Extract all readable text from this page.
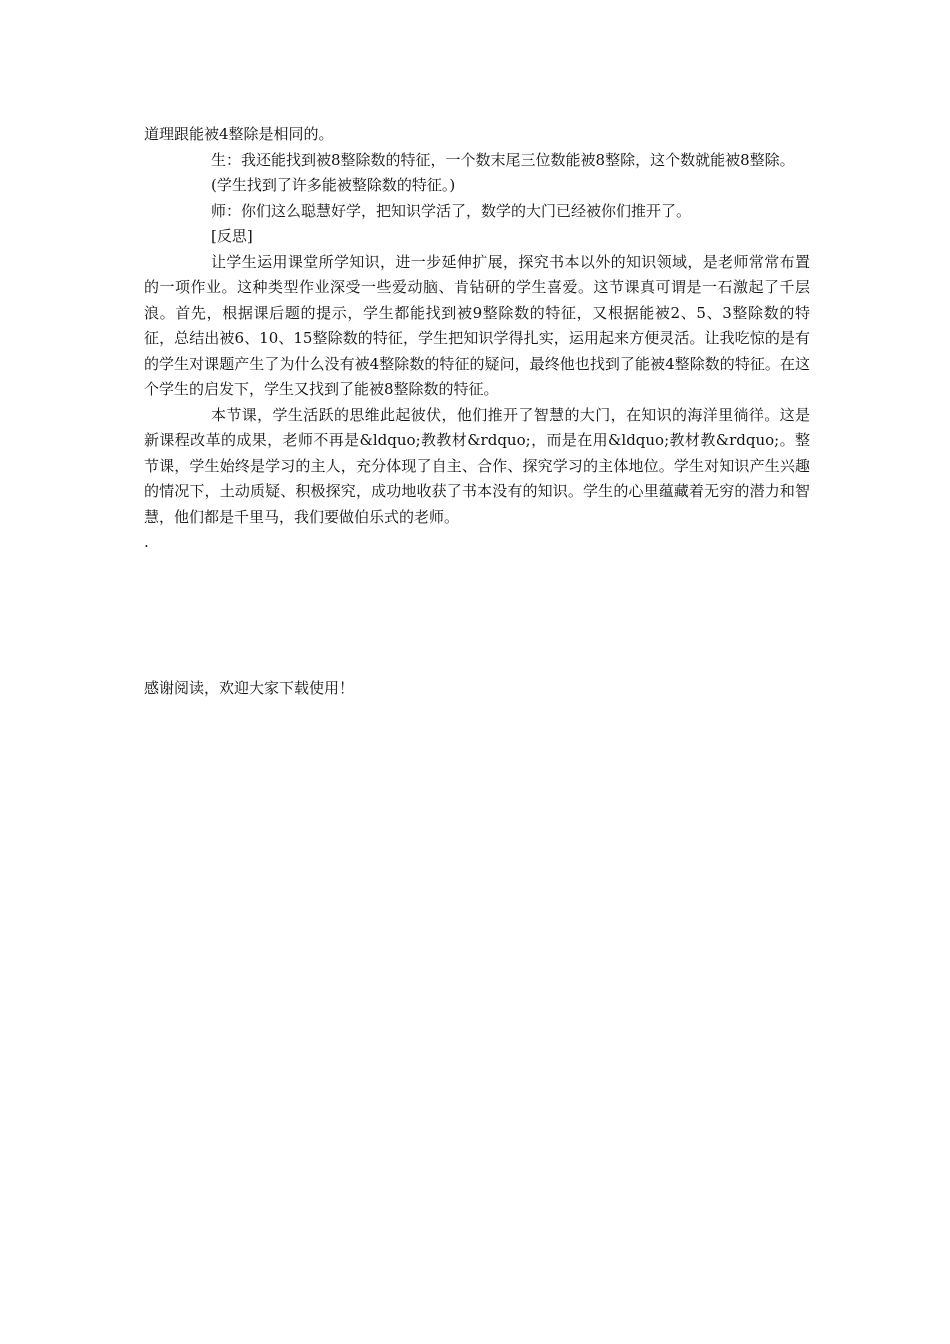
道理跟能被4整除是相同的。

生：我还能找到被8整除数的特征，一个数末尾三位数能被8整除，这个数就能被8整除。

(学生找到了许多能被整除数的特征。)

师：你们这么聪慧好学，把知识学活了，数学的大门已经被你们推开了。

[反思]

让学生运用课堂所学知识，进一步延伸扩展，探究书本以外的知识领域，是老师常常布置的一项作业。这种类型作业深受一些爱动脑、肯钻研的学生喜爱。这节课真可谓是一石激起了千层浪。首先，根据课后题的提示，学生都能找到被9整除数的特征，又根据能被2、5、3整除数的特征，总结出被6、10、15整除数的特征，学生把知识学得扎实，运用起来方便灵活。让我吃惊的是有的学生对课题产生了为什么没有被4整除数的特征的疑问，最终他也找到了能被4整除数的特征。在这个学生的启发下，学生又找到了能被8整除数的特征。

本节课，学生活跃的思维此起彼伏，他们推开了智慧的大门，在知识的海洋里徜徉。这是新课程改革的成果，老师不再是&ldquo;教教材&rdquo;，而是在用&ldquo;教材教&rdquo;。整节课，学生始终是学习的主人，充分体现了自主、合作、探究学习的主体地位。学生对知识产生兴趣的情况下，土动质疑、积极探究，成功地收获了书本没有的知识。学生的心里蕴藏着无穷的潜力和智慧，他们都是千里马，我们要做伯乐式的老师。

.

感谢阅读，欢迎大家下载使用！
